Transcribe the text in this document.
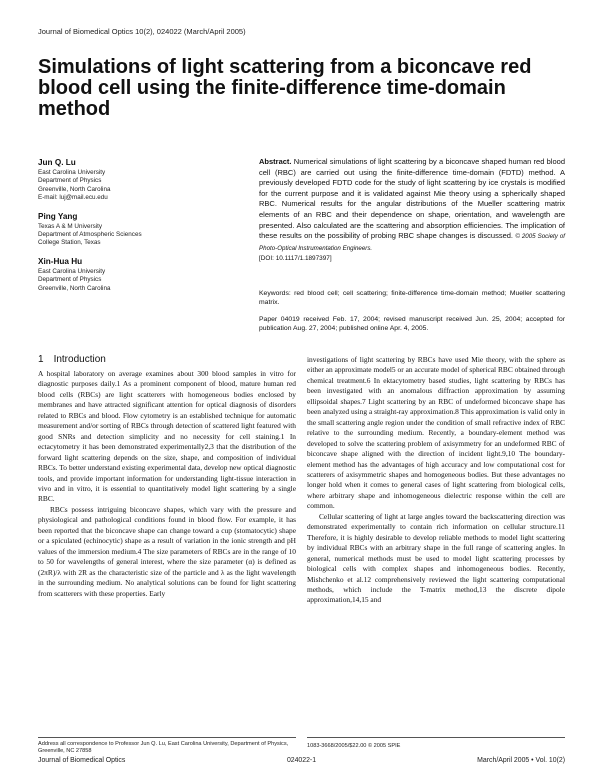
Journal of Biomedical Optics 10(2), 024022 (March/April 2005)
Simulations of light scattering from a biconcave red blood cell using the finite-difference time-domain method
Jun Q. Lu
East Carolina University
Department of Physics
Greenville, North Carolina
E-mail: luj@mail.ecu.edu
Ping Yang
Texas A & M University
Department of Atmospheric Sciences
College Station, Texas
Xin-Hua Hu
East Carolina University
Department of Physics
Greenville, North Carolina
Abstract. Numerical simulations of light scattering by a biconcave shaped human red blood cell (RBC) are carried out using the finite-difference time-domain (FDTD) method. A previously developed FDTD code for the study of light scattering by ice crystals is modified for the current purpose and it is validated against Mie theory using a spherically shaped RBC. Numerical results for the angular distributions of the Mueller scattering matrix elements of an RBC and their dependence on shape, orientation, and wavelength are presented. Also calculated are the scattering and absorption efficiencies. The implication of these results on the possibility of probing RBC shape changes is discussed. © 2005 Society of Photo-Optical Instrumentation Engineers.
[DOI: 10.1117/1.1897397]
Keywords: red blood cell; cell scattering; finite-difference time-domain method; Mueller scattering matrix.
Paper 04019 received Feb. 17, 2004; revised manuscript received Jun. 25, 2004; accepted for publication Aug. 27, 2004; published online Apr. 4, 2005.
1 Introduction

A hospital laboratory on average examines about 300 blood samples in vitro for diagnostic purposes daily.1 As a prominent component of blood, mature human red blood cells (RBCs) are light scatterers with homogeneous bodies enclosed by membranes and have attracted significant attention for optical diagnosis of disorders related to RBCs and blood. Flow cytometry is an established technique for automatic measurement and/or sorting of RBCs through detection of scattered light featured with good SNRs and detection simplicity and no necessity for cell staining.1 In ectacytometry it has been demonstrated experimentally2,3 that the distribution of the forward light scattering depends on the size, shape, and composition of individual RBCs. To better understand existing experimental data, develop new optical diagnostic tools, and provide important information for understanding light-tissue interaction in vivo and in vitro, it is essential to quantitatively model light scattering by a single RBC.

RBCs possess intriguing biconcave shapes, which vary with the pressure and physiological and pathological conditions found in blood flow. For example, it has been reported that the biconcave shape can change toward a cup (stomatocytic) shape or a spiculated (echinocytic) shape as a result of variation in the ionic strength and pH values of the immersion medium.4 The size parameters of RBCs are in the range of 10 to 50 for wavelengths of general interest, where the size parameter (α) is defined as (2πR)/λ with 2R as the characteristic size of the particle and λ as the light wavelength in the surrounding medium. No analytical solutions can be found for light scattering from scatterers with these properties. Early

investigations of light scattering by RBCs have used Mie theory, with the sphere as either an approximate model5 or an accurate model of spherical RBC obtained through chemical treatment.6 In ektacytometry based studies, light scattering by RBCs has been investigated with an anomalous diffraction approximation by assuming ellipsoidal shapes.7 Light scattering by an RBC of undeformed biconcave shape has been analyzed using a straight-ray approximation.8 This approximation is valid only in the small scattering angle region under the condition of small refractive index of RBC relative to the surrounding medium. Recently, a boundary-element method was developed to solve the scattering problem of axisymmetry for an undeformed RBC of biconcave shape aligned with the direction of incident light.9,10 The boundary-element method has the advantages of high accuracy and low computational cost for scatterers of axisymmetric shapes and homogeneous bodies. But these advantages no longer hold when it comes to general cases of light scattering from biological cells, where arbitrary shape and inhomogeneous dielectric response within the cell are common.

Cellular scattering of light at large angles toward the backscattering direction was demonstrated experimentally to contain rich information on cellular structure.11 Therefore, it is highly desirable to develop reliable methods to model light scattering by individual RBCs with an arbitrary shape in the full range of scattering angles. In general, numerical methods must be used to model light scattering processes by biological cells with complex shapes and inhomogeneous bodies. Recently, Mishchenko et al.12 comprehensively reviewed the light scattering computational methods, which include the T-matrix method,13 the discrete dipole approximation,14,15 and

Address all correspondence to Professor Jun Q. Lu, East Carolina University, Department of Physics, Greenville, NC 27858
1083-3668/2005/$22.00 © 2005 SPIE
Journal of Biomedical Optics	024022-1	March/April 2005 • Vol. 10(2)
